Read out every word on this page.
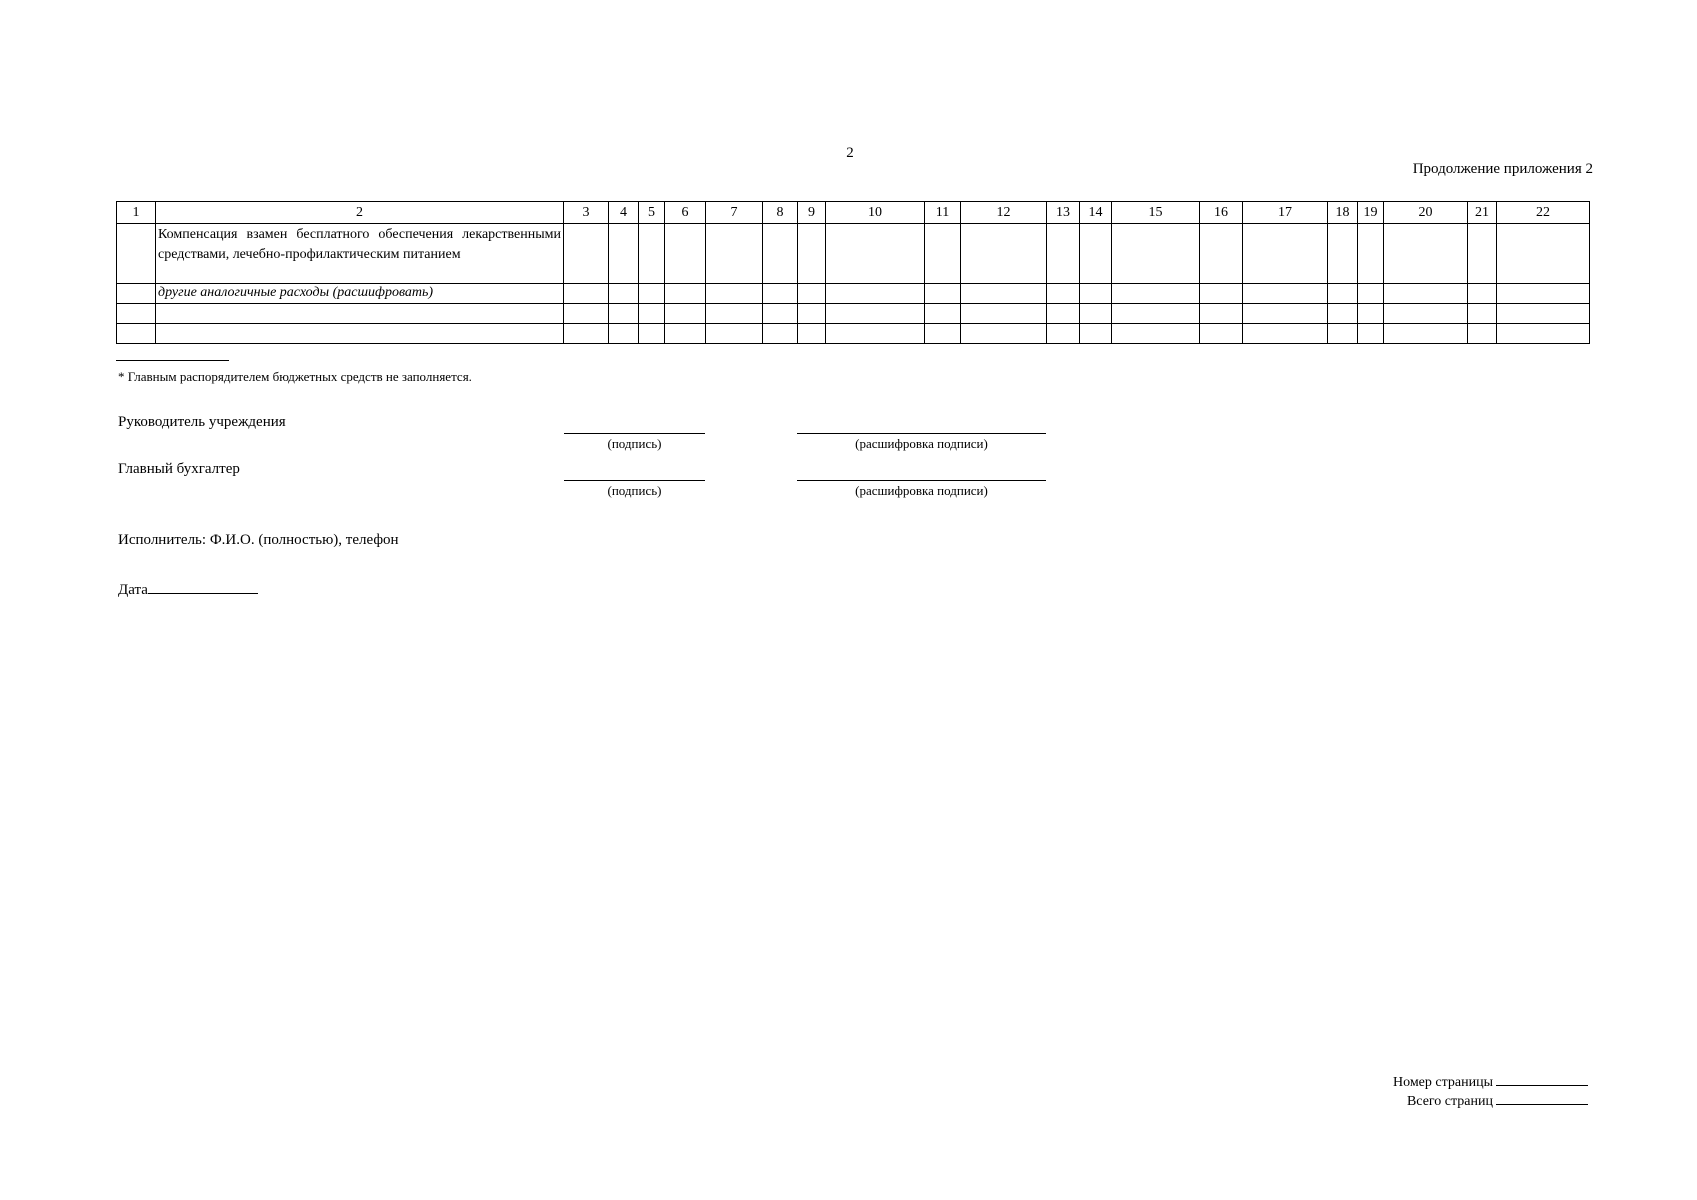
2
Продолжение приложения 2
1	2	3	4	5	6	7	8	9	10	11	12	13	14	15	16	17	18	19	20	21	22

	Компенсация взамен бесплатного обеспечения лекарственными средствами, лечебно-профилактическим питанием																				

	другие аналогичные расходы (расшифровать)																				

* Главным распорядителем бюджетных средств не заполняется.
Руководитель учреждения
(подпись)	(расшифровка подписи)
Главный бухгалтер
(подпись)	(расшифровка подписи)
Исполнитель: Ф.И.О. (полностью), телефон
Дата
Номер страницы
Всего страниц
